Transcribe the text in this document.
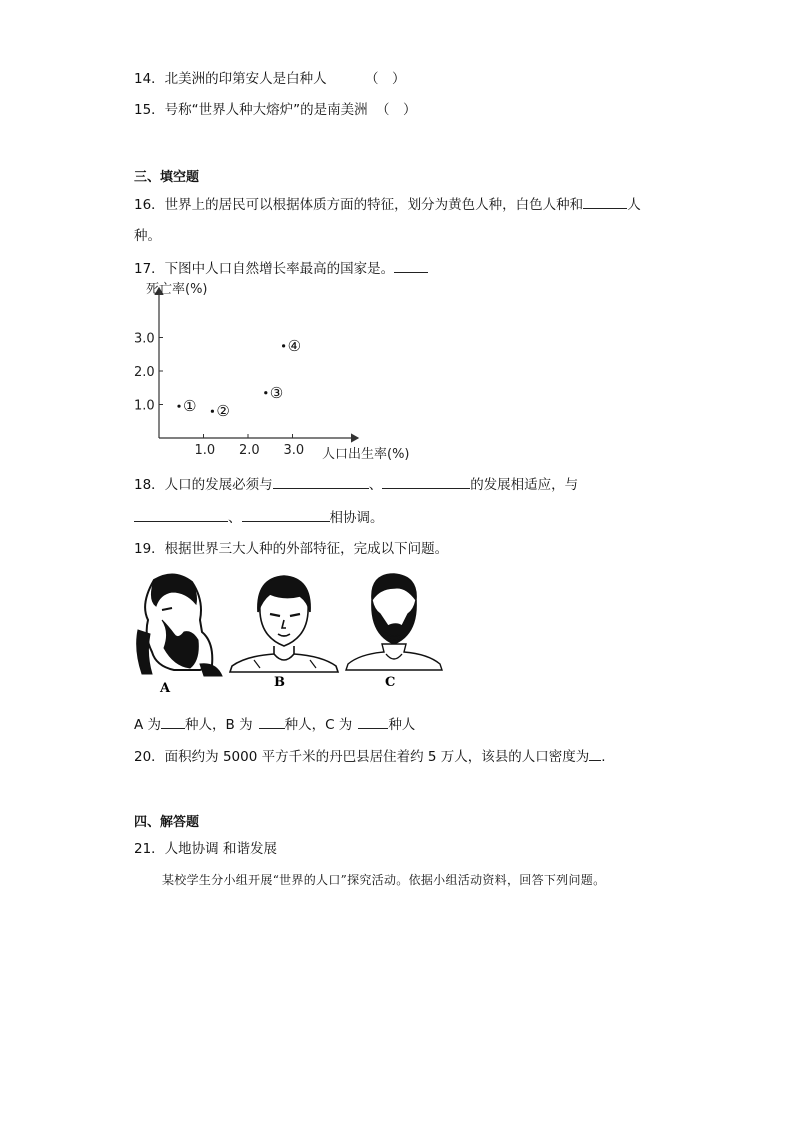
14．北美洲的印第安人是白种人	（　）
15．号称“世界人种大熔炉”的是南美洲 （　）
三、填空题
16．世界上的居民可以根据体质方面的特征，划分为黄色人种，白色人种和	人
种。
17．下图中人口自然增长率最高的国家是。
死亡率(%)
人口出生率(%)
1.0 2.0 3.0
1.0
2.0
3.0
① ②
③
④
18．人口的发展必须与	、	的发展相适应，与
、	相协调。
19．根据世界三大人种的外部特征，完成以下问题。
A	B	C
A 为 种人，B 为 种人，C 为	种人
20．面积约为 5000 平方千米的丹巴县居住着约 5 万人，该县的人口密度为 .
四、解答题
21．人地协调 和谐发展
某校学生分小组开展“世界的人口”探究活动。依据小组活动资料，回答下列问题。
